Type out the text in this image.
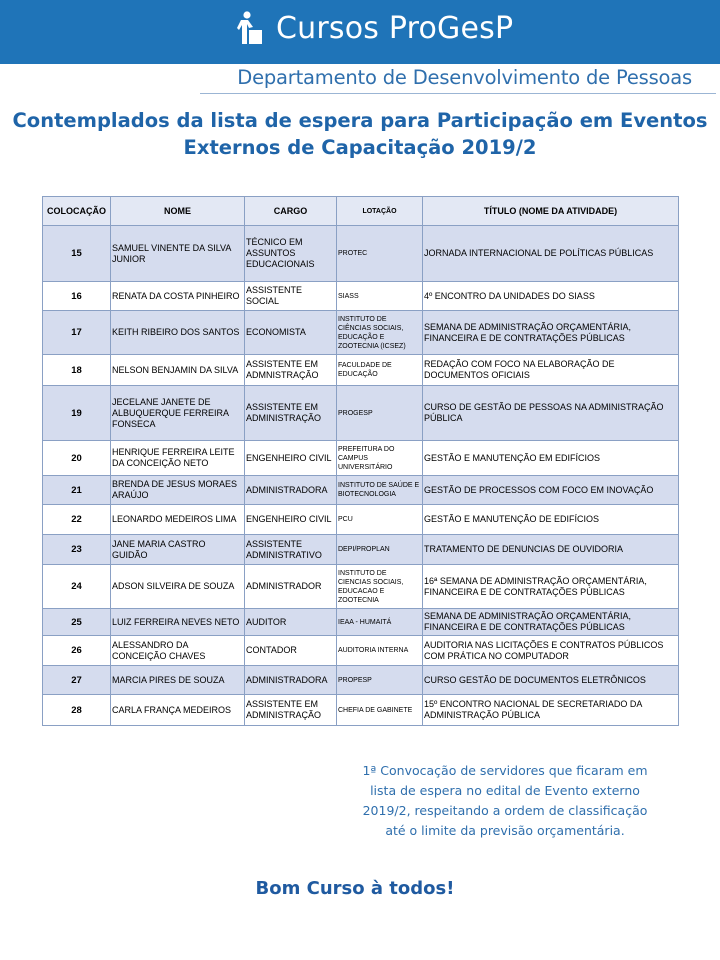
Cursos ProGesP
Departamento de Desenvolvimento de Pessoas
Contemplados da lista de espera para Participação em Eventos
Externos de Capacitação 2019/2
COLOCAÇÃO	NOME	CARGO	LOTAÇÃO	TÍTULO (NOME DA ATIVIDADE)
15	SAMUEL VINENTE DA SILVA JUNIOR	TÉCNICO EM ASSUNTOS EDUCACIONAIS	PROTEC	JORNADA INTERNACIONAL DE POLÍTICAS PÚBLICAS
16	RENATA DA COSTA PINHEIRO	ASSISTENTE SOCIAL	SIASS	4º ENCONTRO DA UNIDADES DO SIASS
17	KEITH RIBEIRO DOS SANTOS	ECONOMISTA	INSTITUTO DE CIÊNCIAS SOCIAIS, EDUCAÇÃO E ZOOTECNIA (ICSEZ)	SEMANA DE ADMINISTRAÇÃO ORÇAMENTÁRIA, FINANCEIRA E DE CONTRATAÇÕES PÚBLICAS
18	NELSON BENJAMIN DA SILVA	ASSISTENTE EM ADMNISTRAÇÃO	FACULDADE DE EDUCAÇÃO	REDAÇÃO COM FOCO NA ELABORAÇÃO DE DOCUMENTOS OFICIAIS
19	JECELANE JANETE DE ALBUQUERQUE FERREIRA FONSECA	ASSISTENTE EM ADMINISTRAÇÃO	PROGESP	CURSO DE GESTÃO DE PESSOAS NA ADMINISTRAÇÃO PÚBLICA
20	HENRIQUE FERREIRA LEITE DA CONCEIÇÃO NETO	ENGENHEIRO CIVIL	PREFEITURA DO CAMPUS UNIVERSITÁRIO	GESTÃO E MANUTENÇÃO EM EDIFÍCIOS
21	BRENDA DE JESUS MORAES ARAÚJO	ADMINISTRADORA	INSTITUTO DE SAÚDE E BIOTECNOLOGIA	GESTÃO DE PROCESSOS COM FOCO EM INOVAÇÃO
22	LEONARDO MEDEIROS LIMA	ENGENHEIRO CIVIL	PCU	GESTÃO E MANUTENÇÃO DE EDIFÍCIOS
23	JANE MARIA CASTRO GUIDÃO	ASSISTENTE ADMINISTRATIVO	DEPI/PROPLAN	TRATAMENTO DE DENUNCIAS DE OUVIDORIA
24	ADSON SILVEIRA DE SOUZA	ADMINISTRADOR	INSTITUTO DE CIENCIAS SOCIAIS, EDUCACAO E ZOOTECNIA	16ª SEMANA DE ADMINISTRAÇÃO ORÇAMENTÁRIA, FINANCEIRA E DE CONTRATAÇÕES PÚBLICAS
25	LUIZ FERREIRA NEVES NETO	AUDITOR	IEAA - HUMAITÁ	SEMANA DE ADMINISTRAÇÃO ORÇAMENTÁRIA, FINANCEIRA E DE CONTRATAÇÕES PÚBLICAS
26	ALESSANDRO DA CONCEIÇÃO CHAVES	CONTADOR	AUDITORIA INTERNA	AUDITORIA NAS LICITAÇÕES E CONTRATOS PÚBLICOS COM PRÁTICA NO COMPUTADOR
27	MARCIA PIRES DE SOUZA	ADMINISTRADORA	PROPESP	CURSO GESTÃO DE DOCUMENTOS ELETRÔNICOS
28	CARLA FRANÇA MEDEIROS	ASSISTENTE EM ADMINISTRAÇÃO	CHEFIA DE GABINETE	15º ENCONTRO NACIONAL DE SECRETARIADO DA ADMINISTRAÇÃO PÚBLICA
1ª Convocação de servidores que ficaram em
lista de espera no edital de Evento externo
2019/2, respeitando a ordem de classificação
até o limite da previsão orçamentária.
Bom Curso à todos!
